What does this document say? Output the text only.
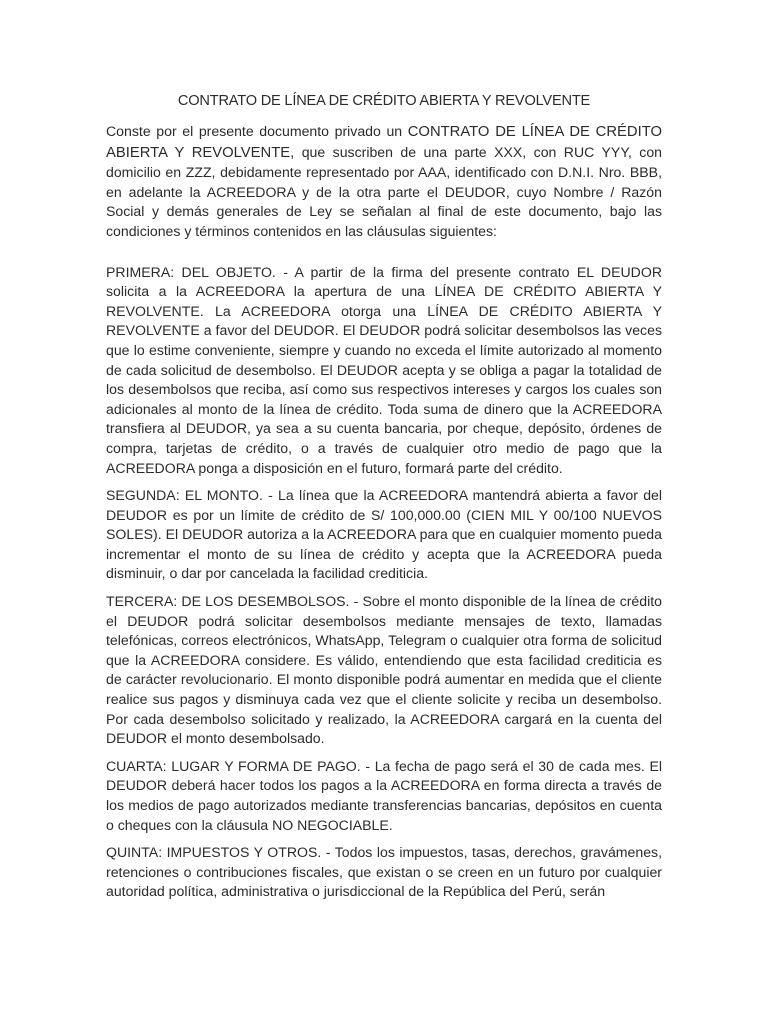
CONTRATO DE LÍNEA DE CRÉDITO ABIERTA Y REVOLVENTE
Conste por el presente documento privado un CONTRATO DE LÍNEA DE CRÉDITO ABIERTA Y REVOLVENTE, que suscriben de una parte XXX, con RUC YYY, con domicilio en ZZZ, debidamente representado por AAA, identificado con D.N.I. Nro. BBB, en adelante la ACREEDORA y de la otra parte el DEUDOR, cuyo Nombre / Razón Social y demás generales de Ley se señalan al final de este documento, bajo las condiciones y términos contenidos en las cláusulas siguientes:
PRIMERA: DEL OBJETO. - A partir de la firma del presente contrato EL DEUDOR solicita a la ACREEDORA la apertura de una LÍNEA DE CRÉDITO ABIERTA Y REVOLVENTE. La ACREEDORA otorga una LÍNEA DE CRÉDITO ABIERTA Y REVOLVENTE a favor del DEUDOR. El DEUDOR podrá solicitar desembolsos las veces que lo estime conveniente, siempre y cuando no exceda el límite autorizado al momento de cada solicitud de desembolso. El DEUDOR acepta y se obliga a pagar la totalidad de los desembolsos que reciba, así como sus respectivos intereses y cargos los cuales son adicionales al monto de la línea de crédito. Toda suma de dinero que la ACREEDORA transfiera al DEUDOR, ya sea a su cuenta bancaria, por cheque, depósito, órdenes de compra, tarjetas de crédito, o a través de cualquier otro medio de pago que la ACREEDORA ponga a disposición en el futuro, formará parte del crédito.
SEGUNDA: EL MONTO. - La línea que la ACREEDORA mantendrá abierta a favor del DEUDOR es por un límite de crédito de S/ 100,000.00 (CIEN MIL Y 00/100 NUEVOS SOLES). El DEUDOR autoriza a la ACREEDORA para que en cualquier momento pueda incrementar el monto de su línea de crédito y acepta que la ACREEDORA pueda disminuir, o dar por cancelada la facilidad crediticia.
TERCERA: DE LOS DESEMBOLSOS. - Sobre el monto disponible de la línea de crédito el DEUDOR podrá solicitar desembolsos mediante mensajes de texto, llamadas telefónicas, correos electrónicos, WhatsApp, Telegram o cualquier otra forma de solicitud que la ACREEDORA considere. Es válido, entendiendo que esta facilidad crediticia es de carácter revolucionario. El monto disponible podrá aumentar en medida que el cliente realice sus pagos y disminuya cada vez que el cliente solicite y reciba un desembolso. Por cada desembolso solicitado y realizado, la ACREEDORA cargará en la cuenta del DEUDOR el monto desembolsado.
CUARTA: LUGAR Y FORMA DE PAGO. - La fecha de pago será el 30 de cada mes. El DEUDOR deberá hacer todos los pagos a la ACREEDORA en forma directa a través de los medios de pago autorizados mediante transferencias bancarias, depósitos en cuenta o cheques con la cláusula NO NEGOCIABLE.
QUINTA: IMPUESTOS Y OTROS. - Todos los impuestos, tasas, derechos, gravámenes, retenciones o contribuciones fiscales, que existan o se creen en un futuro por cualquier autoridad política, administrativa o jurisdiccional de la República del Perú, serán
